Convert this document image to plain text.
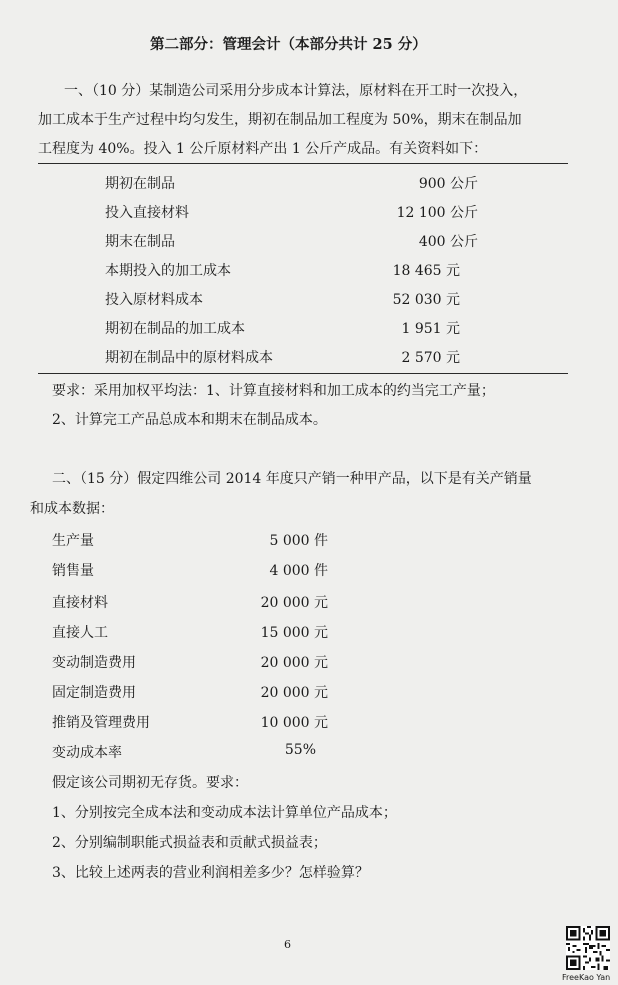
第二部分：管理会计（本部分共计 25 分）
一、（10 分）某制造公司采用分步成本计算法，原材料在开工时一次投入，
加工成本于生产过程中均匀发生，期初在制品加工程度为 50%，期末在制品加
工程度为 40%。投入 1 公斤原材料产出 1 公斤产成品。有关资料如下：
期初在制品	900 公斤
投入直接材料	12 100 公斤
期末在制品	400 公斤
本期投入的加工成本	18 465 元
投入原材料成本	52 030 元
期初在制品的加工成本	1 951 元
期初在制品中的原材料成本	2 570 元
要求：采用加权平均法：1、计算直接材料和加工成本的约当完工产量；
2、计算完工产品总成本和期末在制品成本。
二、（15 分）假定四维公司 2014 年度只产销一种甲产品，以下是有关产销量
和成本数据：
生产量	5 000 件
销售量	4 000 件
直接材料	20 000 元
直接人工	15 000 元
变动制造费用	20 000 元
固定制造费用	20 000 元
推销及管理费用	10 000 元
变动成本率	55%
假定该公司期初无存货。要求：
1、分别按完全成本法和变动成本法计算单位产品成本；
2、分别编制职能式损益表和贡献式损益表；
3、比较上述两表的营业利润相差多少？怎样验算？
6
FreeKao Yan
